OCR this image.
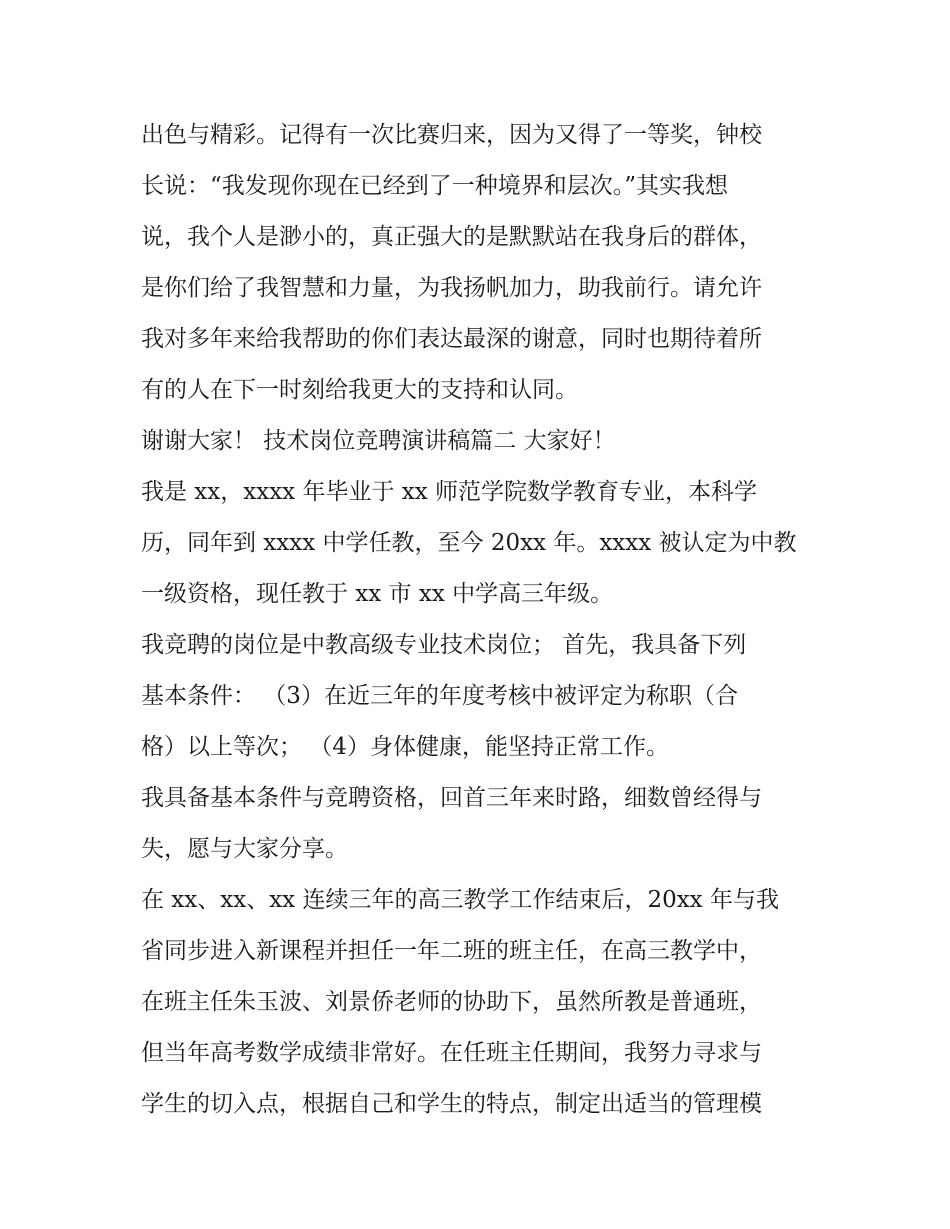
出色与精彩。记得有一次比赛归来，因为又得了一等奖，钟校
长说：“我发现你现在已经到了一种境界和层次。”其实我想
说，我个人是渺小的，真正强大的是默默站在我身后的群体，
是你们给了我智慧和力量，为我扬帆加力，助我前行。请允许
我对多年来给我帮助的你们表达最深的谢意，同时也期待着所
有的人在下一时刻给我更大的支持和认同。
谢谢大家！ 技术岗位竞聘演讲稿篇二 大家好！
我是 xx，xxxx 年毕业于 xx 师范学院数学教育专业，本科学
历，同年到 xxxx 中学任教，至今 20xx 年。xxxx 被认定为中教
一级资格，现任教于 xx 市 xx 中学高三年级。
我竞聘的岗位是中教高级专业技术岗位； 首先，我具备下列
基本条件： （3）在近三年的年度考核中被评定为称职（合
格）以上等次； （4）身体健康，能坚持正常工作。
我具备基本条件与竞聘资格，回首三年来时路，细数曾经得与
失，愿与大家分享。
在 xx、xx、xx 连续三年的高三教学工作结束后，20xx 年与我
省同步进入新课程并担任一年二班的班主任，在高三教学中，
在班主任朱玉波、刘景侨老师的协助下，虽然所教是普通班，
但当年高考数学成绩非常好。在任班主任期间，我努力寻求与
学生的切入点，根据自己和学生的特点，制定出适当的管理模
